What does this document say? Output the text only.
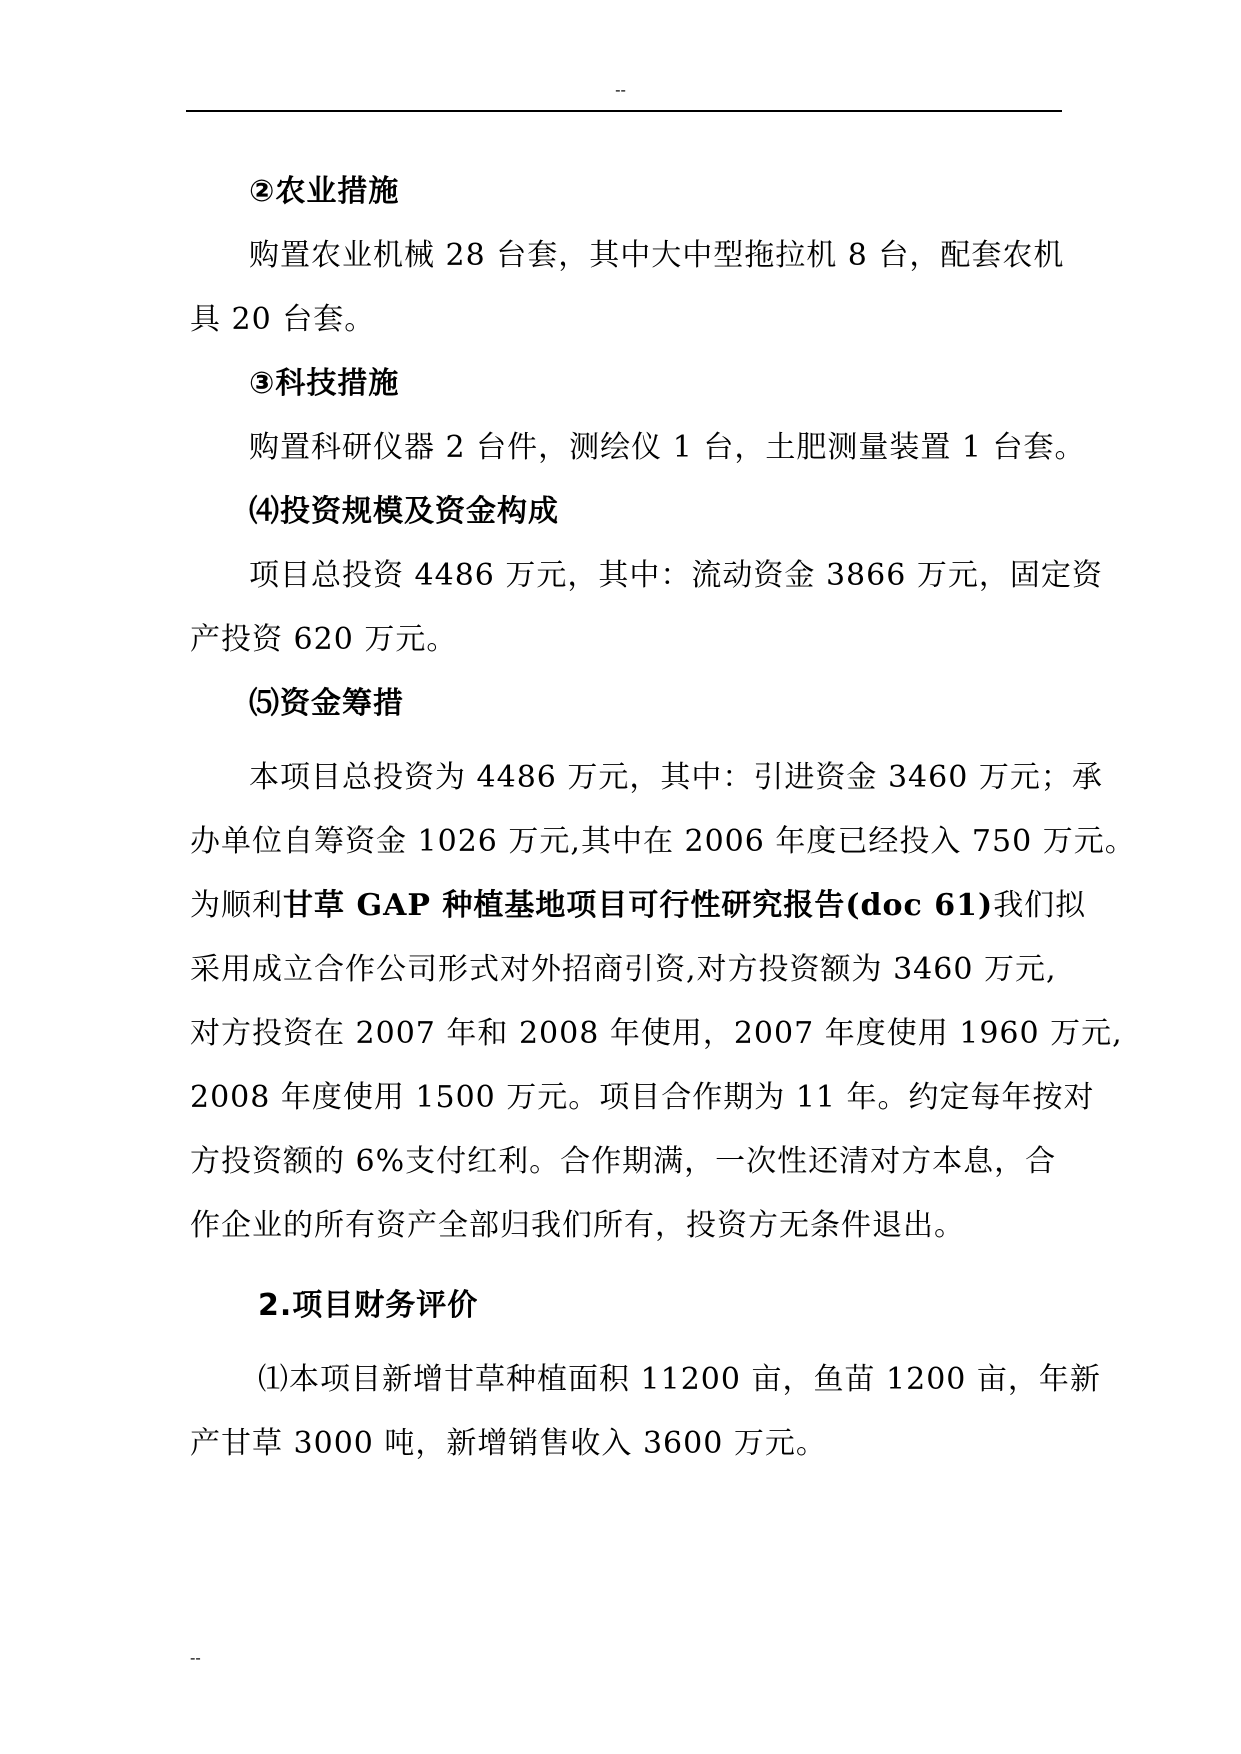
--

②农业措施

购置农业机械 28 台套，其中大中型拖拉机 8 台，配套农机

具 20 台套。

③科技措施

购置科研仪器 2 台件，测绘仪 1 台，土肥测量装置 1 台套。

⑷投资规模及资金构成

项目总投资 4486 万元，其中：流动资金 3866 万元，固定资

产投资 620 万元。

⑸资金筹措

本项目总投资为 4486 万元，其中：引进资金 3460 万元；承

办单位自筹资金 1026 万元,其中在 2006 年度已经投入 750 万元。

为顺利甘草 GAP 种植基地项目可行性研究报告(doc 61)我们拟

采用成立合作公司形式对外招商引资,对方投资额为 3460 万元,

对方投资在 2007 年和 2008 年使用，2007 年度使用 1960 万元,

2008 年度使用 1500 万元。项目合作期为 11 年。约定每年按对

方投资额的 6%支付红利。合作期满，一次性还清对方本息，合

作企业的所有资产全部归我们所有，投资方无条件退出。

2.项目财务评价

⑴本项目新增甘草种植面积 11200 亩，鱼苗 1200 亩，年新

产甘草 3000 吨，新增销售收入 3600 万元。

--
